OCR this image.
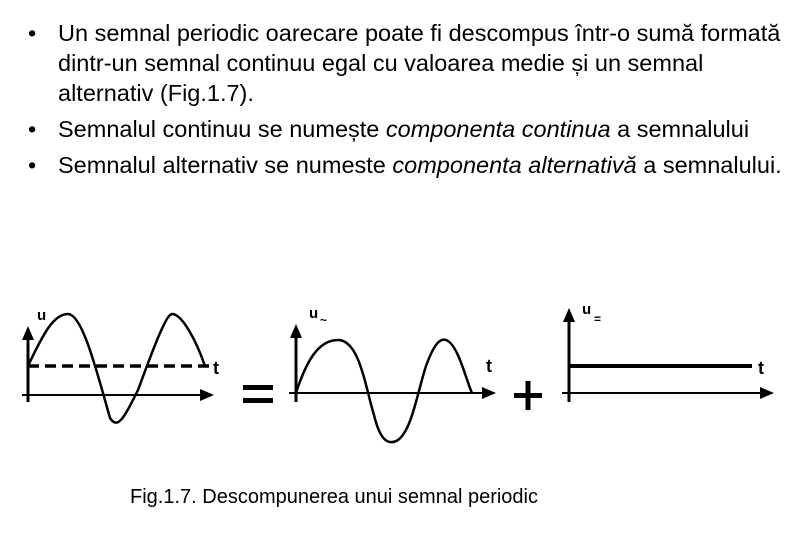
• Un semnal periodic oarecare poate fi descompus într-o sumă formată dintr-un semnal continuu egal cu valoarea medie și un semnal alternativ (Fig.1.7).
• Semnalul continuu se numește componenta continua a semnalului
• Semnalul alternativ se numeste componenta alternativă a semnalului.
u
t
u ~
t
u
=
t
Fig.1.7. Descompunerea unui semnal periodic
